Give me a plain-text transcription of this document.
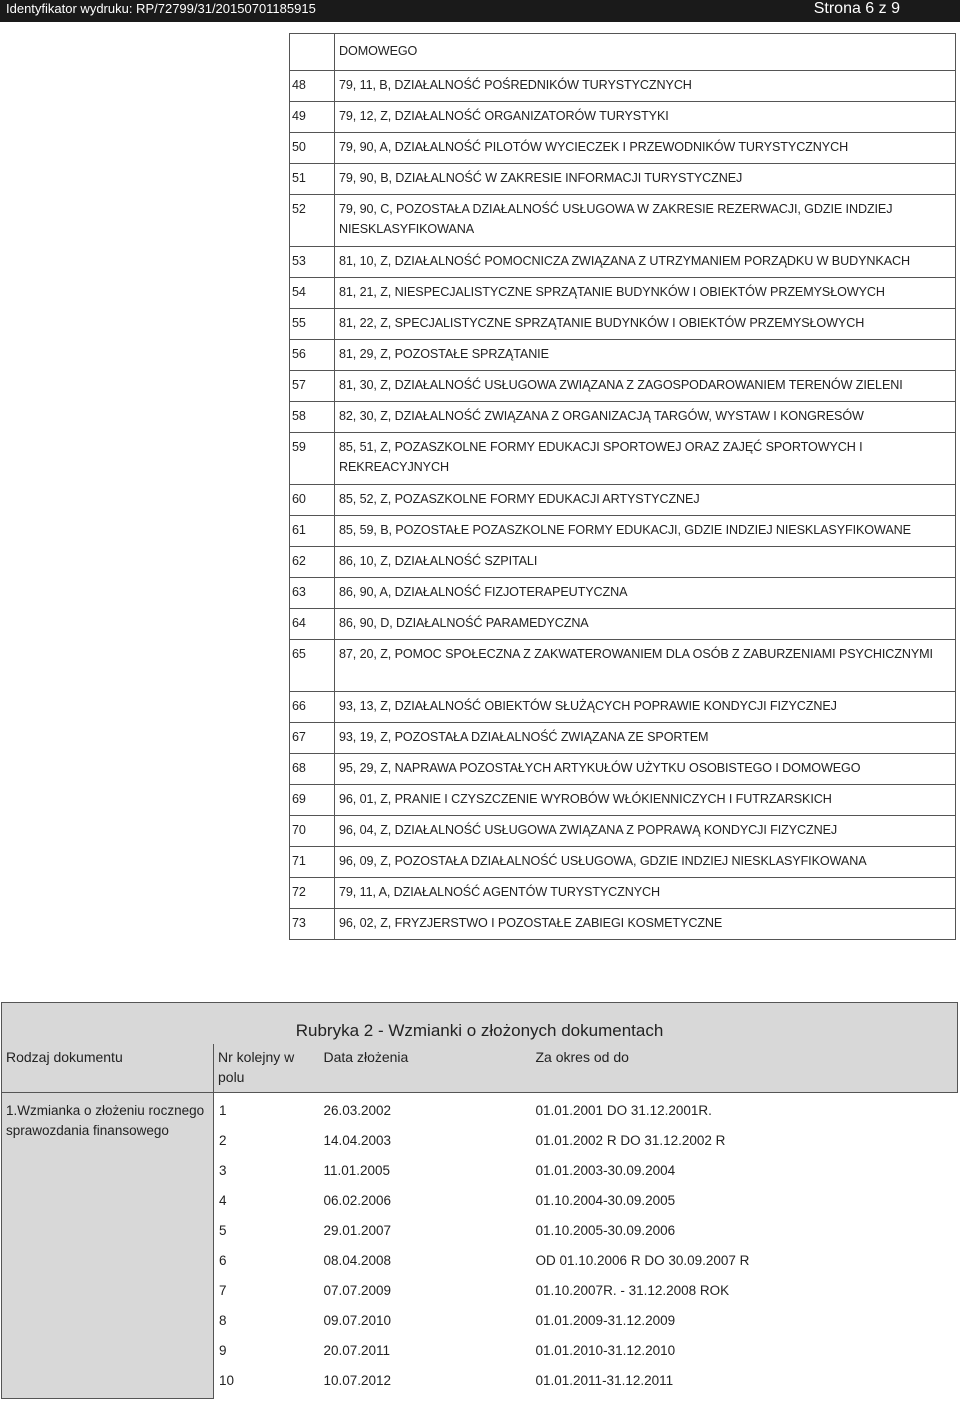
Identyfikator wydruku: RP/72799/31/20150701185915	Strona 6 z 9
	DOMOWEGO
48	79, 11, B, DZIAŁALNOŚĆ POŚREDNIKÓW TURYSTYCZNYCH
49	79, 12, Z, DZIAŁALNOŚĆ ORGANIZATORÓW TURYSTYKI
50	79, 90, A, DZIAŁALNOŚĆ PILOTÓW WYCIECZEK I PRZEWODNIKÓW TURYSTYCZNYCH
51	79, 90, B, DZIAŁALNOŚĆ W ZAKRESIE INFORMACJI TURYSTYCZNEJ
52	79, 90, C, POZOSTAŁA DZIAŁALNOŚĆ USŁUGOWA W ZAKRESIE REZERWACJI, GDZIE INDZIEJ NIESKLASYFIKOWANA
53	81, 10, Z, DZIAŁALNOŚĆ POMOCNICZA ZWIĄZANA Z UTRZYMANIEM PORZĄDKU W BUDYNKACH
54	81, 21, Z, NIESPECJALISTYCZNE SPRZĄTANIE BUDYNKÓW I OBIEKTÓW PRZEMYSŁOWYCH
55	81, 22, Z, SPECJALISTYCZNE SPRZĄTANIE BUDYNKÓW I OBIEKTÓW PRZEMYSŁOWYCH
56	81, 29, Z, POZOSTAŁE SPRZĄTANIE
57	81, 30, Z, DZIAŁALNOŚĆ USŁUGOWA ZWIĄZANA Z ZAGOSPODAROWANIEM TERENÓW ZIELENI
58	82, 30, Z, DZIAŁALNOŚĆ ZWIĄZANA Z ORGANIZACJĄ TARGÓW, WYSTAW I KONGRESÓW
59	85, 51, Z, POZASZKOLNE FORMY EDUKACJI SPORTOWEJ ORAZ ZAJĘĆ SPORTOWYCH I REKREACYJNYCH
60	85, 52, Z, POZASZKOLNE FORMY EDUKACJI ARTYSTYCZNEJ
61	85, 59, B, POZOSTAŁE POZASZKOLNE FORMY EDUKACJI, GDZIE INDZIEJ NIESKLASYFIKOWANE
62	86, 10, Z, DZIAŁALNOŚĆ SZPITALI
63	86, 90, A, DZIAŁALNOŚĆ FIZJOTERAPEUTYCZNA
64	86, 90, D, DZIAŁALNOŚĆ PARAMEDYCZNA
65	87, 20, Z, POMOC SPOŁECZNA Z ZAKWATEROWANIEM DLA OSÓB Z ZABURZENIAMI PSYCHICZNYMI
66	93, 13, Z, DZIAŁALNOŚĆ OBIEKTÓW SŁUŻĄCYCH POPRAWIE KONDYCJI FIZYCZNEJ
67	93, 19, Z, POZOSTAŁA DZIAŁALNOŚĆ ZWIĄZANA ZE SPORTEM
68	95, 29, Z, NAPRAWA POZOSTAŁYCH ARTYKUŁÓW UŻYTKU OSOBISTEGO I DOMOWEGO
69	96, 01, Z, PRANIE I CZYSZCZENIE WYROBÓW WŁÓKIENNICZYCH I FUTRZARSKICH
70	96, 04, Z, DZIAŁALNOŚĆ USŁUGOWA ZWIĄZANA Z POPRAWĄ KONDYCJI FIZYCZNEJ
71	96, 09, Z, POZOSTAŁA DZIAŁALNOŚĆ USŁUGOWA, GDZIE INDZIEJ NIESKLASYFIKOWANA
72	79, 11, A, DZIAŁALNOŚĆ AGENTÓW TURYSTYCZNYCH
73	96, 02, Z, FRYZJERSTWO I POZOSTAŁE ZABIEGI KOSMETYCZNE
Rubryka 2 - Wzmianki o złożonych dokumentach			
Rodzaj dokumentu	Nr kolejny w polu	Data złożenia	Za okres od do
1.Wzmianka o złożeniu rocznego sprawozdania finansowego	1	26.03.2002	01.01.2001 DO 31.12.2001R.
	2	14.04.2003	01.01.2002 R DO 31.12.2002 R
	3	11.01.2005	01.01.2003-30.09.2004
	4	06.02.2006	01.10.2004-30.09.2005
	5	29.01.2007	01.10.2005-30.09.2006
	6	08.04.2008	OD 01.10.2006 R DO 30.09.2007 R
	7	07.07.2009	01.10.2007R. - 31.12.2008 ROK
	8	09.07.2010	01.01.2009-31.12.2009
	9	20.07.2011	01.01.2010-31.12.2010
	10	10.07.2012	01.01.2011-31.12.2011
